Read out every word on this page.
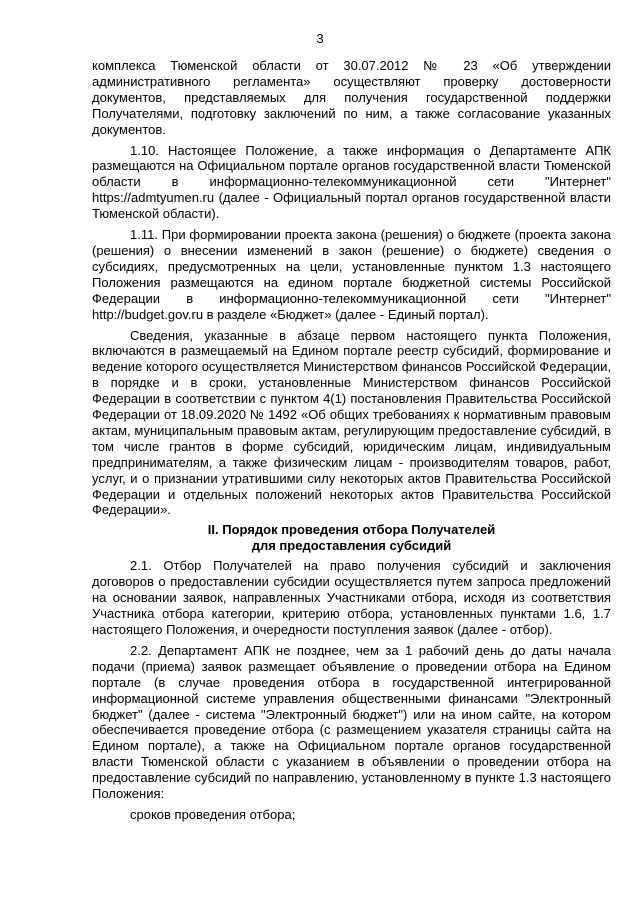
3

комплекса Тюменской области от 30.07.2012 № 23 «Об утверждении административного регламента» осуществляют проверку достоверности документов, представляемых для получения государственной поддержки Получателями, подготовку заключений по ним, а также согласование указанных документов.

1.10. Настоящее Положение, а также информация о Департаменте АПК размещаются на Официальном портале органов государственной власти Тюменской области в информационно-телекоммуникационной сети "Интернет" https://admtyumen.ru (далее - Официальный портал органов государственной власти Тюменской области).

1.11. При формировании проекта закона (решения) о бюджете (проекта закона (решения) о внесении изменений в закон (решение) о бюджете) сведения о субсидиях, предусмотренных на цели, установленные пунктом 1.3 настоящего Положения размещаются на едином портале бюджетной системы Российской Федерации в информационно-телекоммуникационной сети "Интернет" http://budget.gov.ru в разделе «Бюджет» (далее - Единый портал).

Сведения, указанные в абзаце первом настоящего пункта Положения, включаются в размещаемый на Едином портале реестр субсидий, формирование и ведение которого осуществляется Министерством финансов Российской Федерации, в порядке и в сроки, установленные Министерством финансов Российской Федерации в соответствии с пунктом 4(1) постановления Правительства Российской Федерации от 18.09.2020 № 1492 «Об общих требованиях к нормативным правовым актам, муниципальным правовым актам, регулирующим предоставление субсидий, в том числе грантов в форме субсидий, юридическим лицам, индивидуальным предпринимателям, а также физическим лицам - производителям товаров, работ, услуг, и о признании утратившими силу некоторых актов Правительства Российской Федерации и отдельных положений некоторых актов Правительства Российской Федерации».

II. Порядок проведения отбора Получателей
для предоставления субсидий

2.1. Отбор Получателей на право получения субсидий и заключения договоров о предоставлении субсидии осуществляется путем запроса предложений на основании заявок, направленных Участниками отбора, исходя из соответствия Участника отбора категории, критерию отбора, установленных пунктами 1.6, 1.7 настоящего Положения, и очередности поступления заявок (далее - отбор).

2.2. Департамент АПК не позднее, чем за 1 рабочий день до даты начала подачи (приема) заявок размещает объявление о проведении отбора на Едином портале (в случае проведения отбора в государственной интегрированной информационной системе управления общественными финансами "Электронный бюджет" (далее - система "Электронный бюджет") или на ином сайте, на котором обеспечивается проведение отбора (с размещением указателя страницы сайта на Едином портале), а также на Официальном портале органов государственной власти Тюменской области с указанием в объявлении о проведении отбора на предоставление субсидий по направлению, установленному в пункте 1.3 настоящего Положения:

сроков проведения отбора;
